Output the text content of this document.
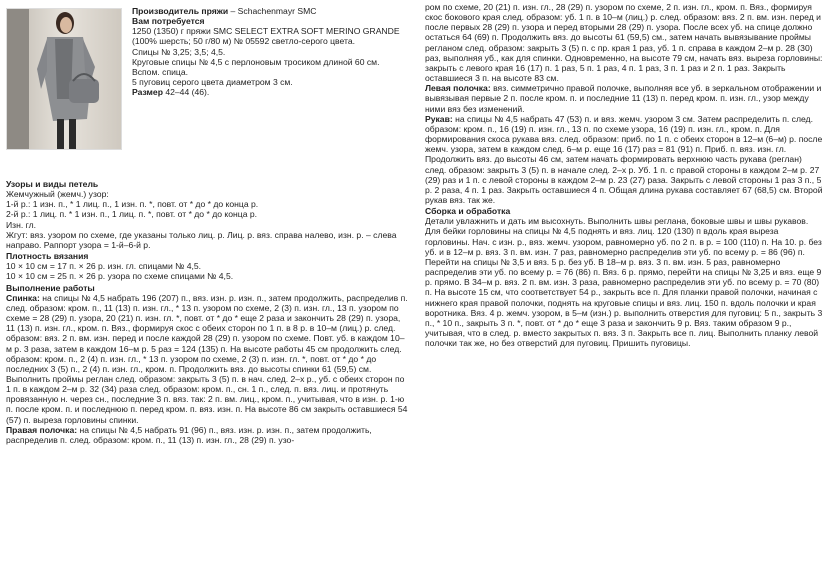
Производитель пряжи – Schachenmayr SMC

Вам потребуется

1250 (1350) г пряжи SMC SELECT EXTRA SOFT MERINO GRANDE (100% шерсть; 50 г/80 м) № 05592 светло-серого цвета.

Спицы № 3,25; 3,5; 4,5.

Круговые спицы № 4,5 с перлоновым тросиком длиной 60 см.

Вспом. спица.

5 пуговиц серого цвета диаметром 3 см.

Размер 42–44 (46).

Узоры и виды петель

Жемчужный (жемч.) узор:

1-й р.: 1 изн. п., * 1 лиц. п., 1 изн. п. *, повт. от * до * до конца р.

2-й р.: 1 лиц. п. * 1 изн. п., 1 лиц. п. *, повт. от * до * до конца р.

Изн. гл.

Жгут: вяз. узором по схеме, где указаны только лиц. р. Лиц. р. вяз. справа налево, изн. р. – слева направо. Раппорт узора = 1-й–6-й р.

Плотность вязания

10 × 10 см = 17 п. × 26 р. изн. гл. спицами № 4,5.

10 × 10 см = 25 п. × 26 р. узора по схеме спицами № 4,5.

Выполнение работы

Спинка: на спицы № 4,5 набрать 196 (207) п., вяз. изн. р. изн. п., затем продолжить, распределив п. след. образом: кром. п., 11 (13) п. изн. гл., * 13 п. узором по схеме, 2 (3) п. изн. гл., 13 п. узором по схеме = 28 (29) п. узора, 20 (21) п. изн. гл. *, повт. от * до * еще 2 раза и закончить 28 (29) п. узора, 11 (13) п. изн. гл., кром. п. Вяз., формируя скос с обеих сторон по 1 п. в 8 р. в 10–м (лиц.) р. след. образом: вяз. 2 п. вм. изн. перед и после каждой 28 (29) п. узором по схеме. Повт. уб. в каждом 10–м р. 3 раза, затем в каждом 16–м р. 5 раз = 124 (135) п. На высоте работы 45 см продолжить след. образом: кром. п., 2 (4) п. изн. гл., * 13 п. узором по схеме, 2 (3) п. изн. гл. *, повт. от * до * до последних 3 (5) п., 2 (4) п. изн. гл., кром. п. Продолжить вяз. до высоты спинки 61 (59,5) см. Выполнить проймы реглан след. образом: закрыть 3 (5) п. в нач. след. 2–х р., уб. с обеих сторон по 1 п. в каждом 2–м р. 32 (34) раза след. образом: кром. п., сн. 1 п., след. п. вяз. лиц. и протянуть провязанную н. через сн., последние 3 п. вяз. так: 2 п. вм. лиц., кром. п., учитывая, что в изн. р. 1-ю п. после кром. п. и последнюю п. перед кром. п. вяз. изн. п. На высоте 86 см закрыть оставшиеся 54 (57) п. выреза горловины спинки.

Правая полочка: на спицы № 4,5 набрать 91 (96) п., вяз. изн. р. изн. п., затем продолжить, распределив п. след. образом: кром. п., 11 (13) п. изн. гл., 28 (29) п. узо-

ром по схеме, 20 (21) п. изн. гл., 28 (29) п. узором по схеме, 2 п. изн. гл., кром. п. Вяз., формируя скос бокового края след. образом: уб. 1 п. в 10–м (лиц.) р. след. образом: вяз. 2 п. вм. изн. перед и после первых 28 (29) п. узора и перед вторыми 28 (29) п. узора. После всех уб. на спице должно остаться 64 (69) п. Продолжить вяз. до высоты 61 (59,5) см., затем начать вывязывание проймы регланом след. образом: закрыть 3 (5) п. с пр. края 1 раз, уб. 1 п. справа в каждом 2–м р. 28 (30) раз, выполняя уб., как для спинки. Одновременно, на высоте 79 см, начать вяз. выреза горловины: закрыть с левого края 16 (17) п. 1 раз, 5 п. 1 раз, 4 п. 1 раз, 3 п. 1 раз и 2 п. 1 раз. Закрыть оставшиеся 3 п. на высоте 83 см.

Левая полочка: вяз. симметрично правой полочке, выполняя все уб. в зеркальном отображении и вывязывая первые 2 п. после кром. п. и последние 11 (13) п. перед кром. п. изн. гл., узор между ними вяз без изменений.

Рукав: на спицы № 4,5 набрать 47 (53) п. и вяз. жемч. узором 3 см. Затем распределить п. след. образом: кром. п., 16 (19) п. изн. гл., 13 п. по схеме узора, 16 (19) п. изн. гл., кром. п. Для формирования скоса рукава вяз. след. образом: приб. по 1 п. с обеих сторон в 12–м (6–м) р. после жемч. узора, затем в каждом след. 6–м р. еще 16 (17) раз = 81 (91) п. Приб. п. вяз. изн. гл. Продолжить вяз. до высоты 46 см, затем начать формировать верхнюю часть рукава (реглан) след. образом: закрыть 3 (5) п. в начале след. 2–х р. Уб. 1 п. с правой стороны в каждом 2–м р. 27 (29) раз и 1 п. с левой стороны в каждом 2–м р. 23 (27) раза. Закрыть с левой стороны 1 раз 3 п., 5 р. 2 раза, 4 п. 1 раз. Закрыть оставшиеся 4 п. Общая длина рукава составляет 67 (68,5) см. Второй рукав вяз. так же.

Сборка и обработка

Детали увлажнить и дать им высохнуть. Выполнить швы реглана, боковые швы и швы рукавов. Для бейки горловины на спицы № 4,5 поднять и вяз. лиц. 120 (130) п вдоль края выреза горловины. Нач. с изн. р., вяз. жемч. узором, равномерно уб. по 2 п. в р. = 100 (110) п. На 10. р. без уб. и в 12–м р. вяз. 3 п. вм. изн. 7 раз, равномерно распределив эти уб. по всему р. = 86 (96) п. Перейти на спицы № 3,5 и вяз. 5 р. без уб. В 18–м р. вяз. 3 п. вм. изн. 5 раз, равномерно распределив эти уб. по всему р. = 76 (86) п. Вяз. 6 р. прямо, перейти на спицы № 3,25 и вяз. еще 9 р. прямо. В 34–м р. вяз. 2 п. вм. изн. 3 раза, равномерно распределив эти уб. по всему р. = 70 (80) п. На высоте 15 см, что соответствует 54 р., закрыть все п. Для планки правой полочки, начиная с нижнего края правой полочки, поднять на круговые спицы и вяз. лиц. 150 п. вдоль полочки и края воротника. Вяз. 4 р. жемч. узором, в 5–м (изн.) р. выполнить отверстия для пуговиц: 5 п., закрыть 3 п., * 10 п., закрыть 3 п. *, повт. от * до * еще 3 раза и закончить 9 р. Вяз. таким образом 9 р., учитывая, что в след. р. вместо закрытых п. вяз. 3 п. Закрыть все п. лиц. Выполнить планку левой полочки так же, но без отверстий для пуговиц. Пришить пуговицы.
